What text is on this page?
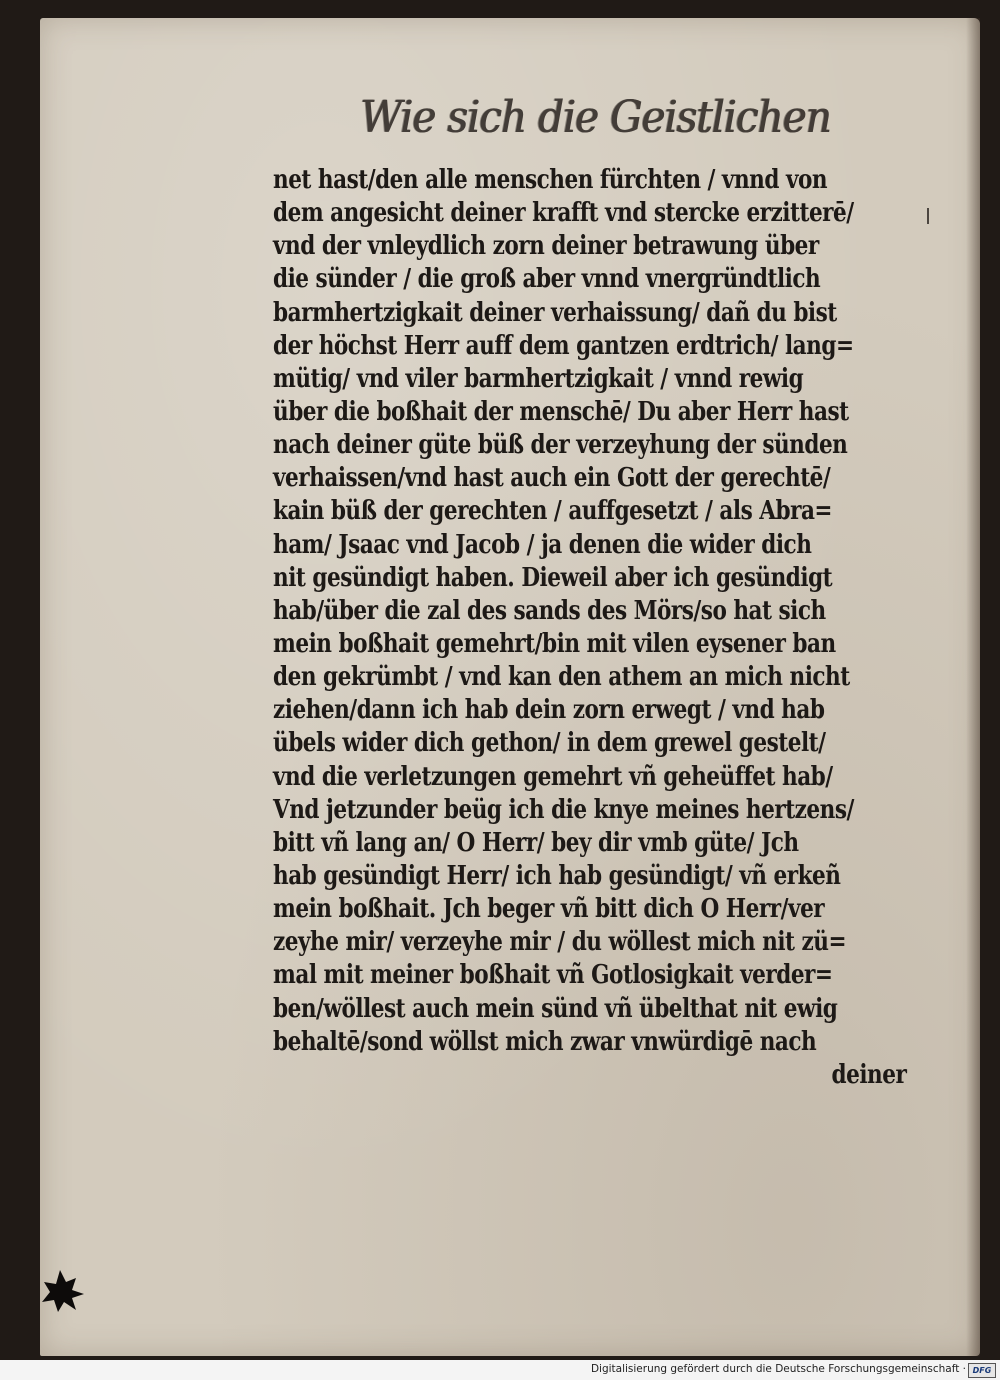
Wie sich die Geistlichen
net hast/den alle menschen fürchten / vnnd von
dem angesicht deiner krafft vnd stercke erzitterē/
vnd der vnleydlich zorn deiner betrawung über
die sünder / die groß aber vnnd vnergründtlich
barmhertzigkait deiner verhaissung/ dañ du bist
der höchst Herr auff dem gantzen erdtrich/ lang=
mütig/ vnd viler barmhertzigkait / vnnd rewig
über die boßhait der menschē/ Du aber Herr hast
nach deiner güte büß der verzeyhung der sünden
verhaissen/vnd hast auch ein Gott der gerechtē/
kain büß der gerechten / auffgesetzt / als Abra=
ham/ Jsaac vnd Jacob / ja denen die wider dich
nit gesündigt haben. Dieweil aber ich gesündigt
hab/über die zal des sands des Mörs/so hat sich
mein boßhait gemehrt/bin mit vilen eysener ban
den gekrümbt / vnd kan den athem an mich nicht
ziehen/dann ich hab dein zorn erwegt / vnd hab
übels wider dich gethon/ in dem grewel gestelt/
vnd die verletzungen gemehrt vñ geheüffet hab/
Vnd jetzunder beüg ich die knye meines hertzens/
bitt vñ lang an/ O Herr/ bey dir vmb güte/ Jch
hab gesündigt Herr/ ich hab gesündigt/ vñ erkeñ
mein boßhait. Jch beger vñ bitt dich O Herr/ver
zeyhe mir/ verzeyhe mir / du wöllest mich nit zü=
mal mit meiner boßhait vñ Gotlosigkait verder=
ben/wöllest auch mein sünd vñ übelthat nit ewig
behaltē/sond wöllst mich zwar vnwürdigē nach
deiner
Digitalisierung gefördert durch die Deutsche Forschungsgemeinschaft · DFG
